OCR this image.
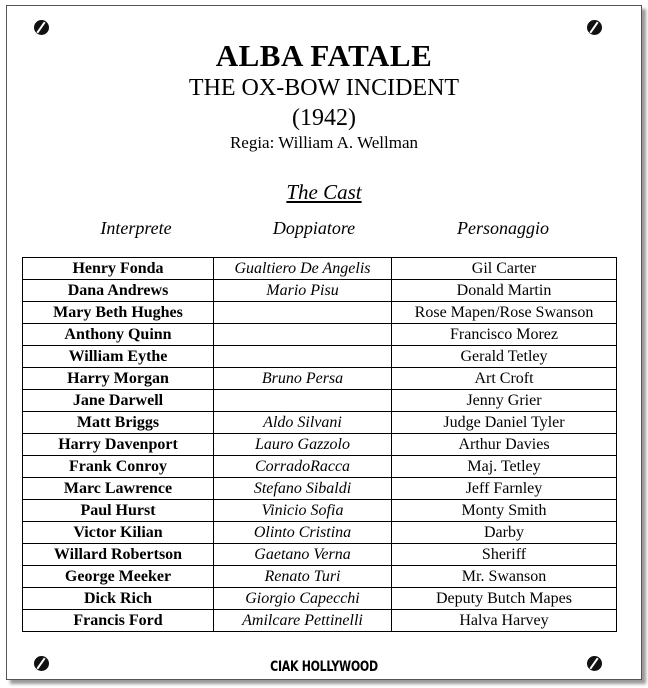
ALBA FATALE
THE OX-BOW INCIDENT
(1942)
Regia: William A. Wellman
The Cast
Interprete	Doppiatore	Personaggio
Henry Fonda	Gualtiero De Angelis	Gil Carter
Dana Andrews	Mario Pisu	Donald Martin
Mary Beth Hughes		Rose Mapen/Rose Swanson
Anthony Quinn		Francisco Morez
William Eythe		Gerald Tetley
Harry Morgan	Bruno Persa	Art Croft
Jane Darwell		Jenny Grier
Matt Briggs	Aldo Silvani	Judge Daniel Tyler
Harry Davenport	Lauro Gazzolo	Arthur Davies
Frank Conroy	CorradoRacca	Maj. Tetley
Marc Lawrence	Stefano Sibaldi	Jeff Farnley
Paul Hurst	Vinicio Sofia	Monty Smith
Victor Kilian	Olinto Cristina	Darby
Willard Robertson	Gaetano Verna	Sheriff
George Meeker	Renato Turi	Mr. Swanson
Dick Rich	Giorgio Capecchi	Deputy Butch Mapes
Francis Ford	Amilcare Pettinelli	Halva Harvey
CIAK HOLLYWOOD
